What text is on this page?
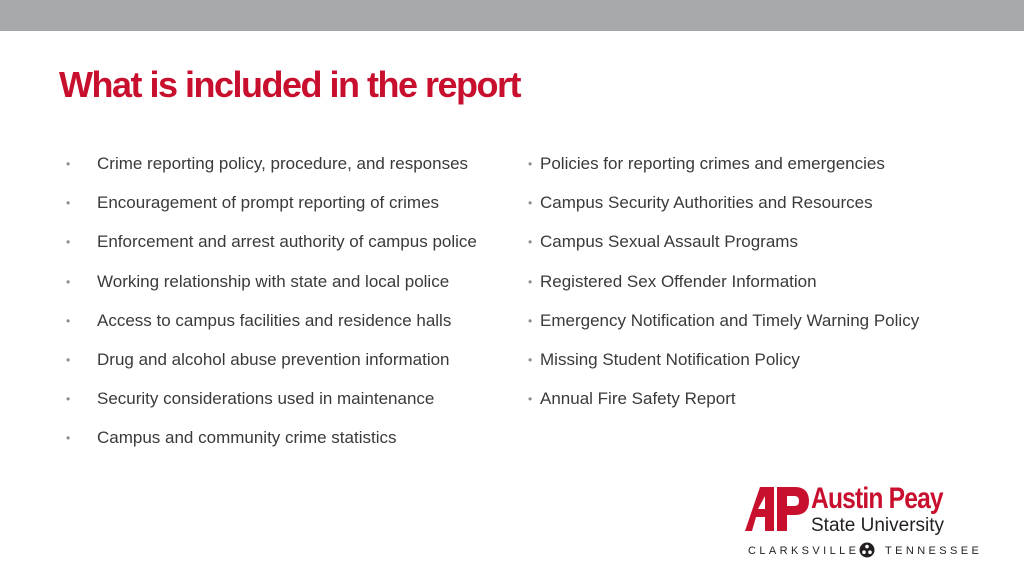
What is included in the report
• Crime reporting policy, procedure, and responses
• Encouragement of prompt reporting of crimes
• Enforcement and arrest authority of campus police
• Working relationship with state and local police
• Access to campus facilities and residence halls
• Drug and alcohol abuse prevention information
• Security considerations used in maintenance
• Campus and community crime statistics
• Policies for reporting crimes and emergencies
• Campus Security Authorities and Resources
• Campus Sexual Assault Programs
• Registered Sex Offender Information
• Emergency Notification and Timely Warning Policy
• Missing Student Notification Policy
• Annual Fire Safety Report
Austin Peay
State University
CLARKSVILLE TENNESSEE
